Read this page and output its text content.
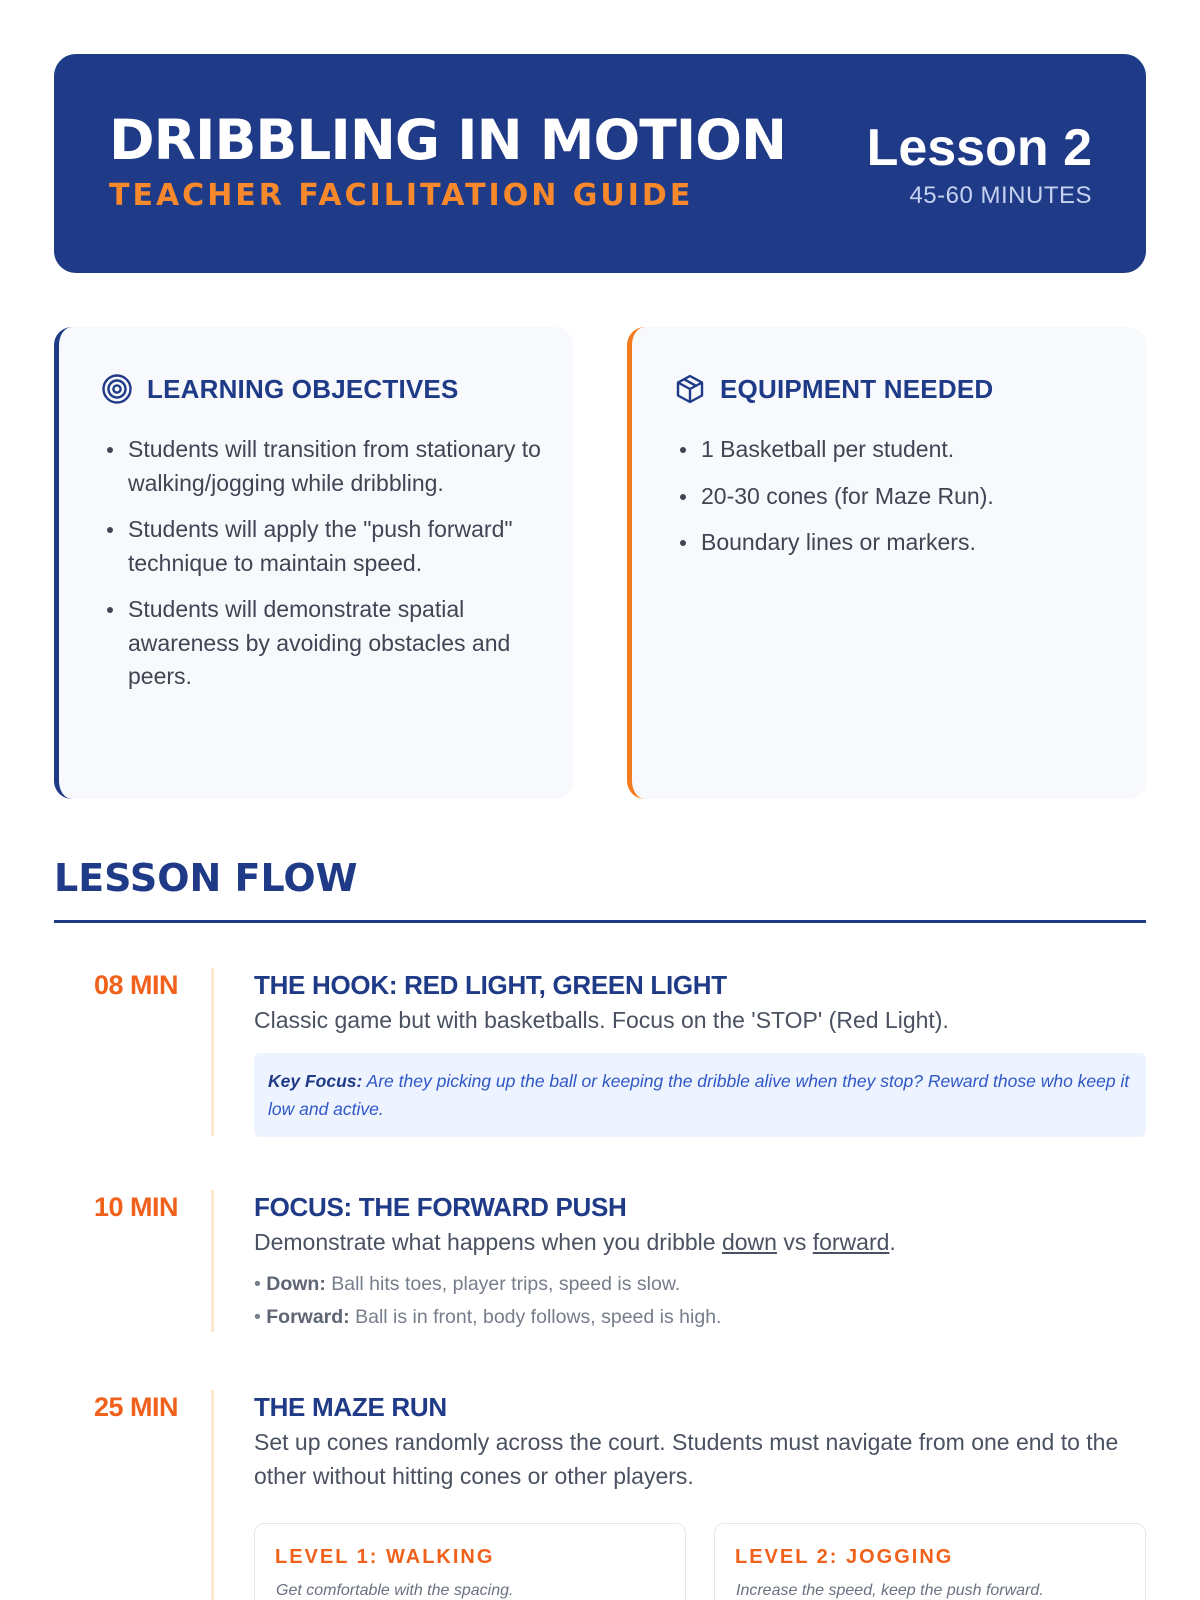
DRIBBLING IN MOTION
TEACHER FACILITATION GUIDE
Lesson 2
45-60 MINUTES
LEARNING OBJECTIVES
Students will transition from stationary to walking/jogging while dribbling.
Students will apply the "push forward" technique to maintain speed.
Students will demonstrate spatial awareness by avoiding obstacles and peers.
EQUIPMENT NEEDED
1 Basketball per student.
20-30 cones (for Maze Run).
Boundary lines or markers.
LESSON FLOW
08 MIN	THE HOOK: RED LIGHT, GREEN LIGHT
Classic game but with basketballs. Focus on the 'STOP' (Red Light).
Key Focus: Are they picking up the ball or keeping the dribble alive when they stop? Reward those who keep it low and active.
10 MIN	FOCUS: THE FORWARD PUSH
Demonstrate what happens when you dribble down vs forward.
• Down: Ball hits toes, player trips, speed is slow.
• Forward: Ball is in front, body follows, speed is high.
25 MIN	THE MAZE RUN
Set up cones randomly across the court. Students must navigate from one end to the other without hitting cones or other players.
LEVEL 1: WALKING
Get comfortable with the spacing.
LEVEL 2: JOGGING
Increase the speed, keep the push forward.
